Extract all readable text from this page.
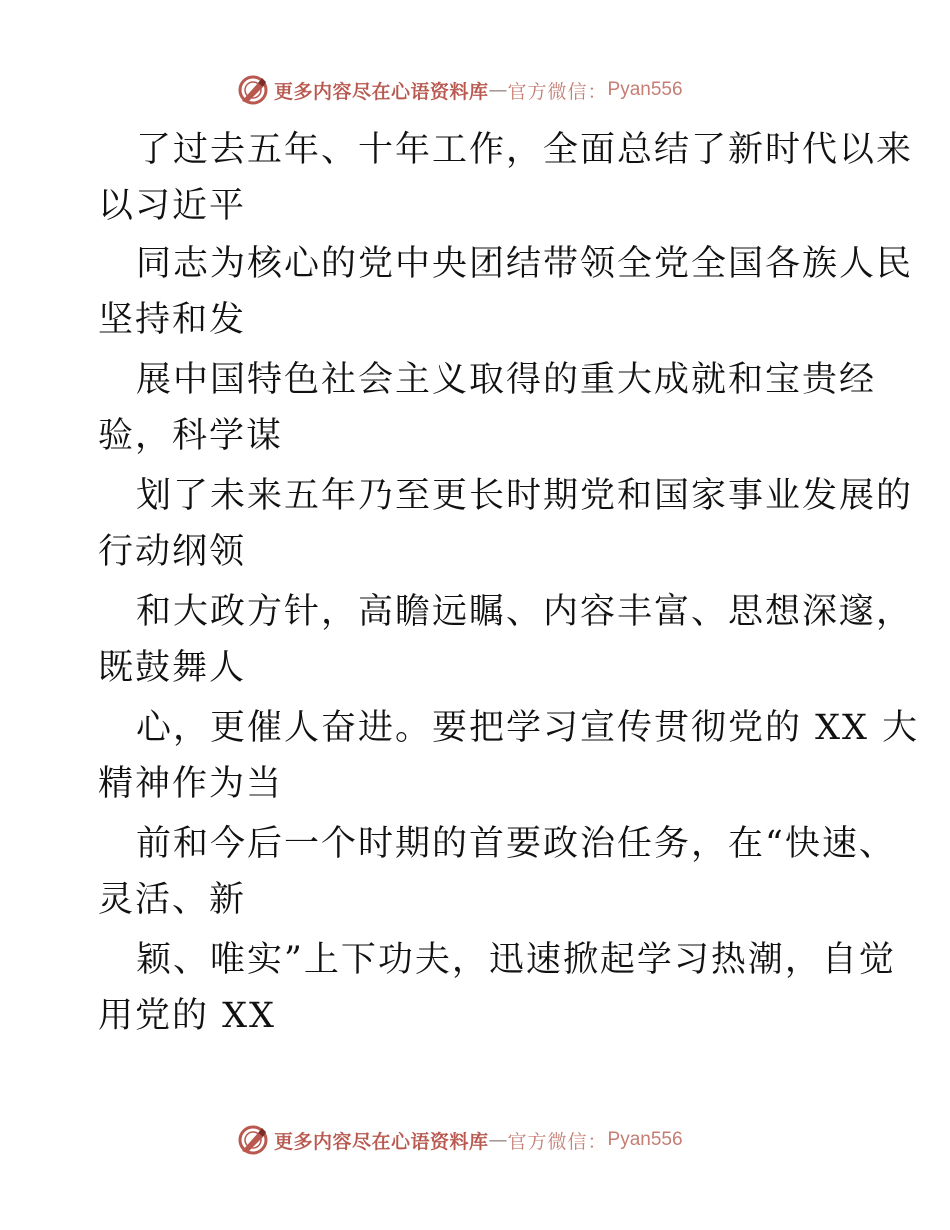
更多内容尽在心语资料库 — 官方微信： Pyan556
了过去五年、十年工作，全面总结了新时代以来
以习近平
同志为核心的党中央团结带领全党全国各族人民
坚持和发
展中国特色社会主义取得的重大成就和宝贵经
验，科学谋
划了未来五年乃至更长时期党和国家事业发展的
行动纲领
和大政方针，高瞻远瞩、内容丰富、思想深邃，
既鼓舞人
心，更催人奋进。要把学习宣传贯彻党的 XX 大
精神作为当
前和今后一个时期的首要政治任务，在“快速、
灵活、新
颖、唯实”上下功夫，迅速掀起学习热潮，自觉
用党的 XX
更多内容尽在心语资料库 — 官方微信： Pyan556
